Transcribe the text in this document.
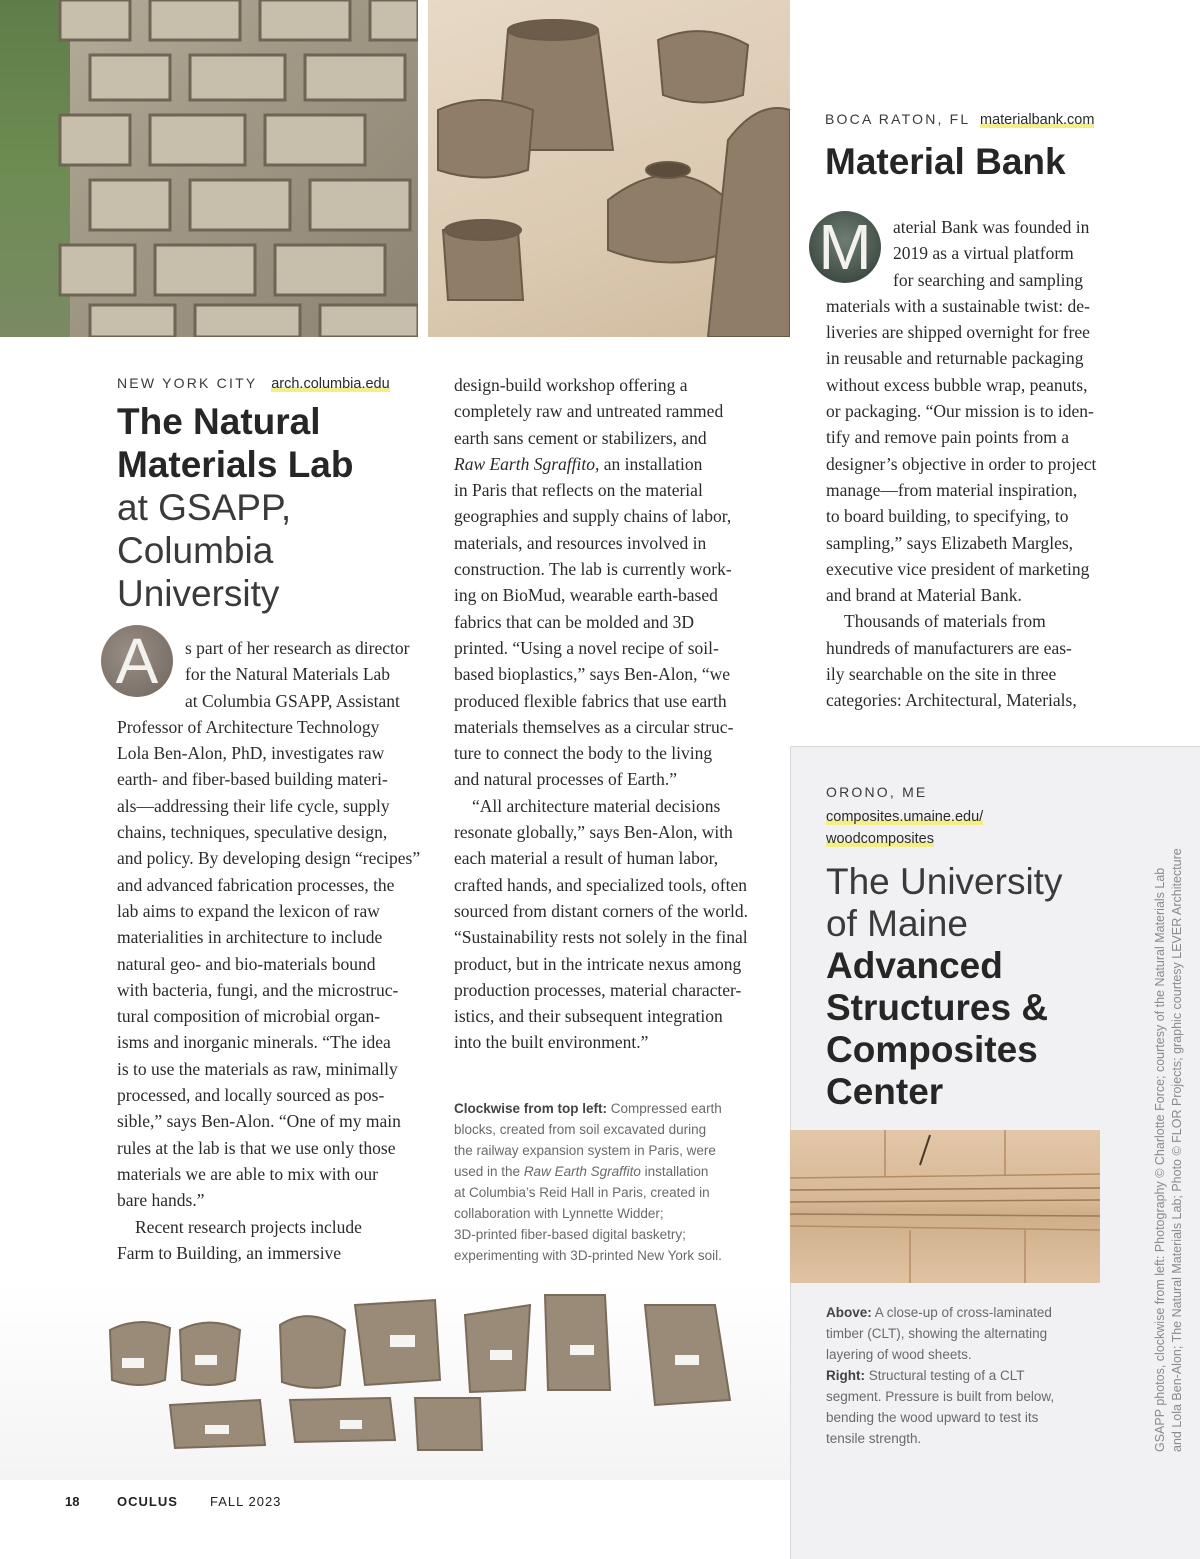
NEW YORK CITY arch.columbia.edu
The Natural
Materials Lab
at GSAPP,
Columbia
University
A	s part of her research as director

for the Natural Materials Lab

at Columbia GSAPP, Assistant

Professor of Architecture Technology

Lola Ben-Alon, PhD, investigates raw

earth- and fiber-based building materi-

als—addressing their life cycle, supply

chains, techniques, speculative design,

and policy. By developing design “recipes”

and advanced fabrication processes, the

lab aims to expand the lexicon of raw

materialities in architecture to include

natural geo- and bio-materials bound

with bacteria, fungi, and the microstruc-

tural composition of microbial organ-

isms and inorganic minerals. “The idea

is to use the materials as raw, minimally

processed, and locally sourced as pos-

sible,” says Ben-Alon. “One of my main

rules at the lab is that we use only those

materials we are able to mix with our

bare hands.”

Recent research projects include

Farm to Building, an immersive

design-build workshop offering a

completely raw and untreated rammed

earth sans cement or stabilizers, and

Raw Earth Sgraffito, an installation

in Paris that reflects on the material

geographies and supply chains of labor,

materials, and resources involved in

construction. The lab is currently work-

ing on BioMud, wearable earth-based

fabrics that can be molded and 3D

printed. “Using a novel recipe of soil-

based bioplastics,” says Ben-Alon, “we

produced flexible fabrics that use earth

materials themselves as a circular struc-

ture to connect the body to the living

and natural processes of Earth.”

“All architecture material decisions

resonate globally,” says Ben-Alon, with

each material a result of human labor,

crafted hands, and specialized tools, often

sourced from distant corners of the world.

“Sustainability rests not solely in the final

product, but in the intricate nexus among

production processes, material character-

istics, and their subsequent integration

into the built environment.”

Clockwise from top left: Compressed earth
blocks, created from soil excavated during
the railway expansion system in Paris, were
used in the Raw Earth Sgraffito installation
at Columbia’s Reid Hall in Paris, created in
collaboration with Lynnette Widder;
3D-printed fiber-based digital basketry;
experimenting with 3D-printed New York soil.
BOCA RATON, FL materialbank.com
Material Bank
M	aterial Bank was founded in

2019 as a virtual platform

for searching and sampling

materials with a sustainable twist: de-

liveries are shipped overnight for free

in reusable and returnable packaging

without excess bubble wrap, peanuts,

or packaging. “Our mission is to iden-

tify and remove pain points from a

designer’s objective in order to project

manage—from material inspiration,

to board building, to specifying, to

sampling,” says Elizabeth Margles,

executive vice president of marketing

and brand at Material Bank.

Thousands of materials from

hundreds of manufacturers are eas-

ily searchable on the site in three

categories: Architectural, Materials,

ORONO, ME
composites.umaine.edu/
woodcomposites
The University
of Maine
Advanced
Structures &
Composites
Center
Above: A close-up of cross-laminated
timber (CLT), showing the alternating
layering of wood sheets.
Right: Structural testing of a CLT
segment. Pressure is built from below,
bending the wood upward to test its
tensile strength.	GSAPP photos, clockwise from left: Photography © Charlotte Force; courtesy of the Natural Materials Lab and Lola Ben-Alon; The Natural Materials Lab; Photo © FLOR Projects; graphic courtesy LEVER Architecture
18	OCULUS FALL 2023
